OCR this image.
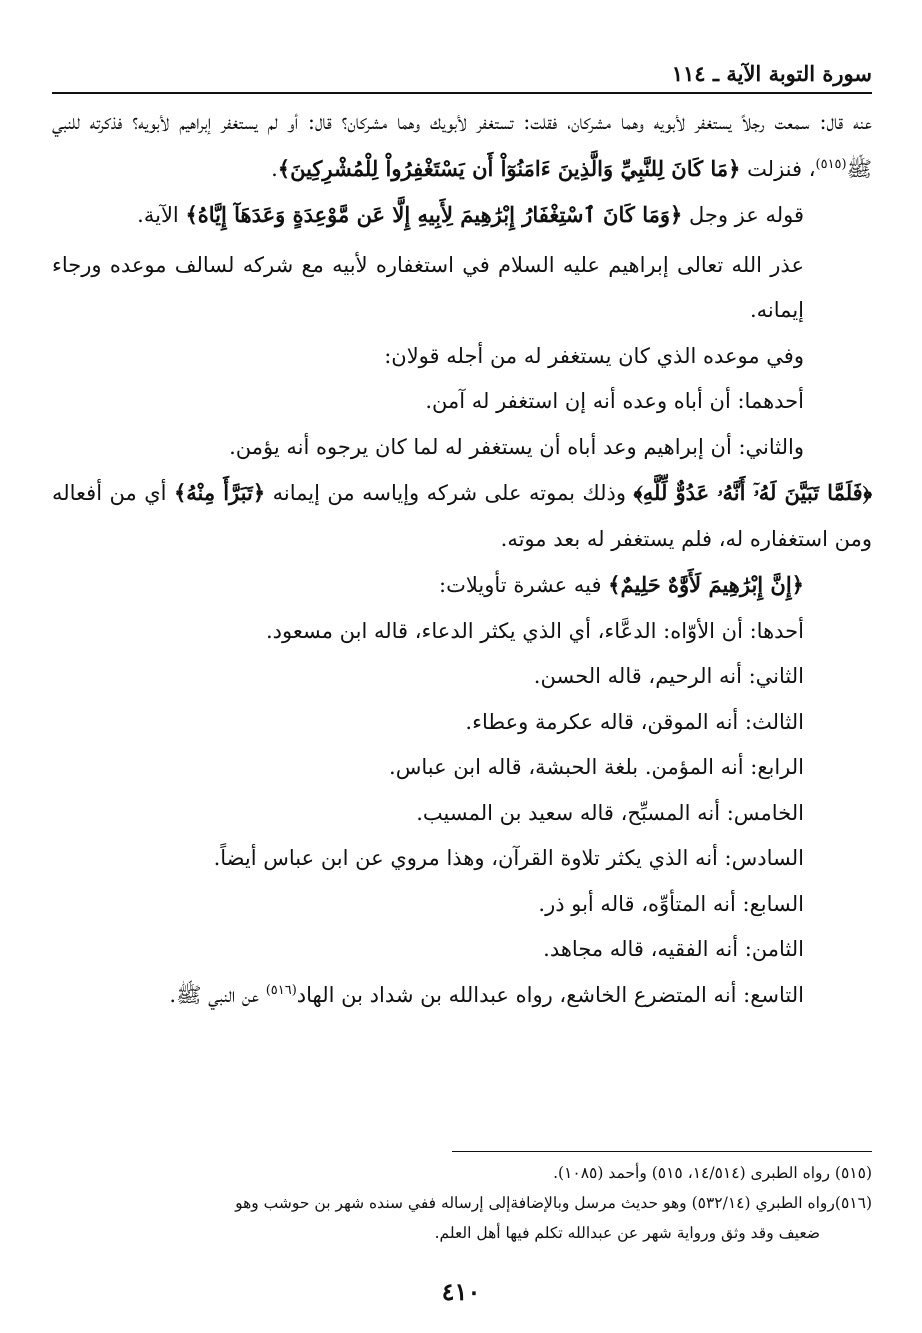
سورة التوبة الآية ـ ١١٤

عنه قال: سمعت رجلاً يستغفر لأبويه وهما مشركان، فقلت: تستغفر لأبويك وهما مشركان؟ قال: أو لم يستغفر إبراهيم لأبويه؟ فذكرته للنبي ﷺ$^{(٥١٥)}$، فنزلت ﴿مَا كَانَ لِلنَّبِيِّ وَالَّذِينَ ءَامَنُوٓاْ أَن يَسْتَغْفِرُواْ لِلْمُشْرِكِينَ﴾.

قوله عز وجل ﴿وَمَا كَانَ ٱسْتِغْفَارُ إِبْرَٰهِيمَ لِأَبِيهِ إِلَّا عَن مَّوْعِدَةٍ وَعَدَهَآ إِيَّاهُ﴾ الآية.

عذر الله تعالى إبراهيم عليه السلام في استغفاره لأبيه مع شركه لسالف موعده ورجاء إيمانه.

وفي موعده الذي كان يستغفر له من أجله قولان:

أحدهما: أن أباه وعده أنه إن استغفر له آمن.

والثاني: أن إبراهيم وعد أباه أن يستغفر له لما كان يرجوه أنه يؤمن.

﴿فَلَمَّا تَبَيَّنَ لَهُۥٓ أَنَّهُۥ عَدُوٌّ لِّلَّهِ﴾ وذلك بموته على شركه وإياسه من إيمانه ﴿تَبَرَّأَ مِنْهُ﴾ أي من أفعاله ومن استغفاره له، فلم يستغفر له بعد موته.

﴿إِنَّ إِبْرَٰهِيمَ لَأَوَّٰهٌ حَلِيمٌ﴾ فيه عشرة تأويلات:

أحدها: أن الأوّاه: الدعَّاء، أي الذي يكثر الدعاء، قاله ابن مسعود.

الثاني: أنه الرحيم، قاله الحسن.

الثالث: أنه الموقن، قاله عكرمة وعطاء.

الرابع: أنه المؤمن. بلغة الحبشة، قاله ابن عباس.

الخامس: أنه المسبِّح، قاله سعيد بن المسيب.

السادس: أنه الذي يكثر تلاوة القرآن، وهذا مروي عن ابن عباس أيضاً.

السابع: أنه المتأوِّه، قاله أبو ذر.

الثامن: أنه الفقيه، قاله مجاهد.

التاسع: أنه المتضرع الخاشع، رواه عبدالله بن شداد بن الهاد$^{(٥١٦)}$ عن النبي ﷺ.

(٥١٥) رواه الطبرى (١٤/٥١٤، ٥١٥) وأحمد (١٠٨٥).

(٥١٦)رواه الطبري (٥٣٢/١٤) وهو حديث مرسل وبالإضافةإلى إرساله ففي سنده شهر بن حوشب وهو

ضعيف وقد وثق ورواية شهر عن عبدالله تكلم فيها أهل العلم.

٤١٠
